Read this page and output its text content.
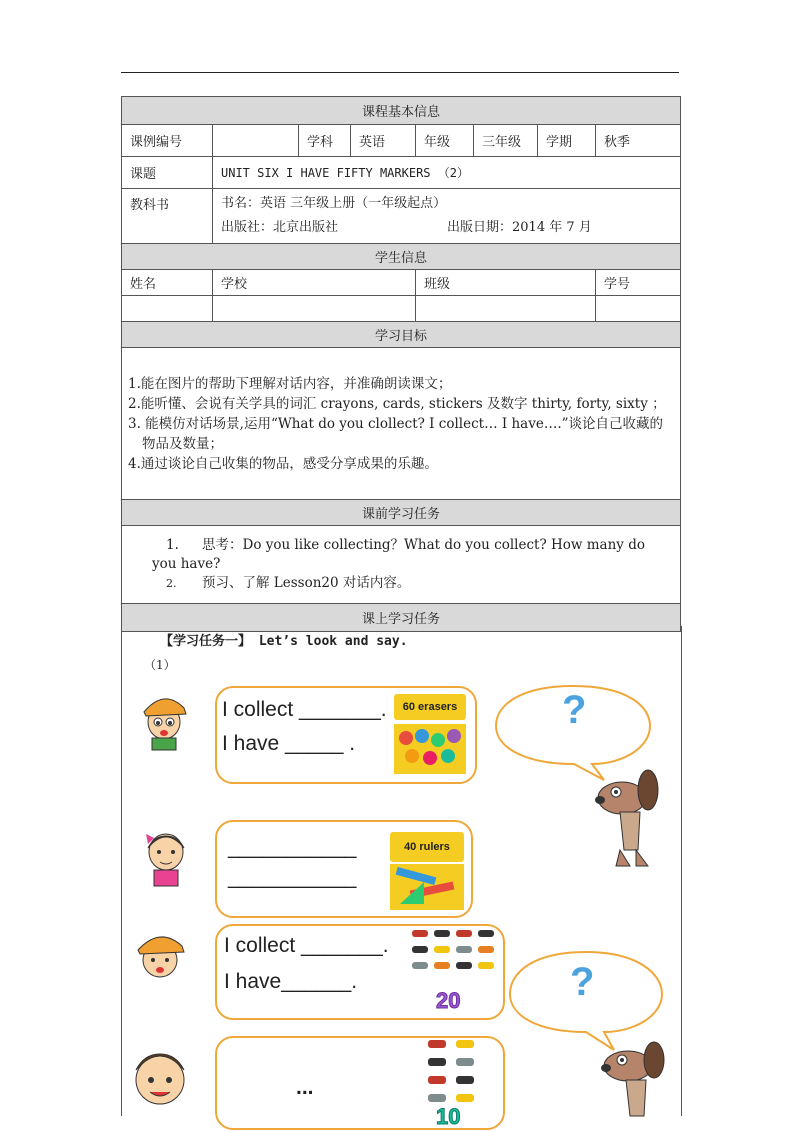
课程基本信息							
课例编号		学科	英语	年级	三年级	学期	秋季
课题	UNIT SIX I HAVE FIFTY MARKERS （2）						
教科书	书名：英语 三年级上册（一年级起点）
出版社：北京出版社 出版日期：2014 年 7 月						

学生信息							
姓名	学校			班级			学号

学习目标							

1.能在图片的帮助下理解对话内容，并准确朗读课文；
2.能听懂、会说有关学具的词汇 crayons, cards, stickers 及数字 thirty, forty, sixty ；
3. 能模仿对话场景,运用“What do you clollect? I collect… I have….”谈论自己收藏的物品及数量；
4.通过谈论自己收集的物品，感受分享成果的乐趣。							

课前学习任务							

1. 思考：Do you like collecting？What do you collect? How many do you have?
2. 预习、了解 Lesson20 对话内容。							

课上学习任务							
【学习任务一】 Let’s look and say.
（1）
I collect _______.
I have _____ .
60 erasers	?
___________
___________
40 rulers
I collect _______.
I have______.
20	?
...
10
